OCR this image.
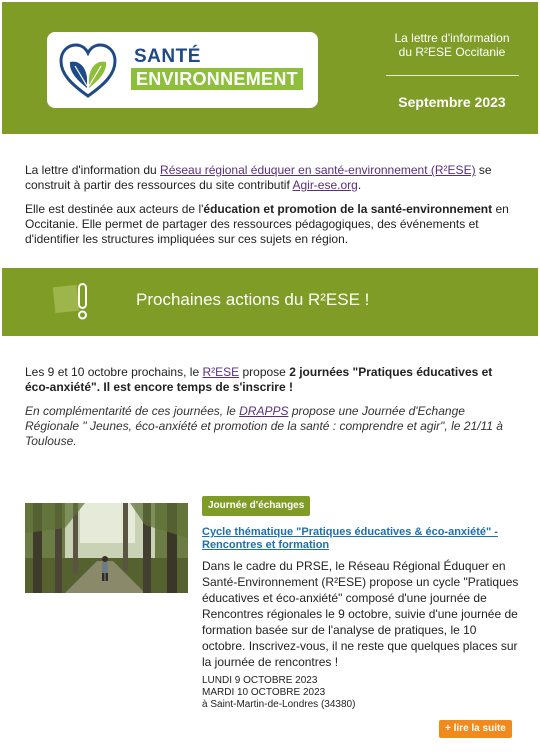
SANTÉ
ENVIRONNEMENT
La lettre d'information
du R²ESE Occitanie
Septembre 2023

La lettre d'information du Réseau régional éduquer en santé-environnement (R²ESE) se construit à partir des ressources du site contributif Agir-ese.org.

Elle est destinée aux acteurs de l'éducation et promotion de la santé-environnement en Occitanie. Elle permet de partager des ressources pédagogiques, des événements et d'identifier les structures impliquées sur ces sujets en région.

Prochaines actions du R²ESE !

Les 9 et 10 octobre prochains, le R²ESE propose 2 journées "Pratiques éducatives et éco-anxiété". Il est encore temps de s'inscrire !

En complémentarité de ces journées, le DRAPPS propose une Journée d'Echange Régionale " Jeunes, éco-anxiété et promotion de la santé : comprendre et agir", le 21/11 à Toulouse.

Journée d'échanges
Cycle thématique "Pratiques éducatives & éco-anxiété" - Rencontres et formation
Dans le cadre du PRSE, le Réseau Régional Éduquer en Santé-Environnement (R²ESE) propose un cycle "Pratiques éducatives et éco-anxiété" composé d'une journée de Rencontres régionales le 9 octobre, suivie d'une journée de formation basée sur de l'analyse de pratiques, le 10 octobre. Inscrivez-vous, il ne reste que quelques places sur la journée de rencontres !
LUNDI 9 OCTOBRE 2023
MARDI 10 OCTOBRE 2023
à Saint-Martin-de-Londres (34380)
+ lire la suite
